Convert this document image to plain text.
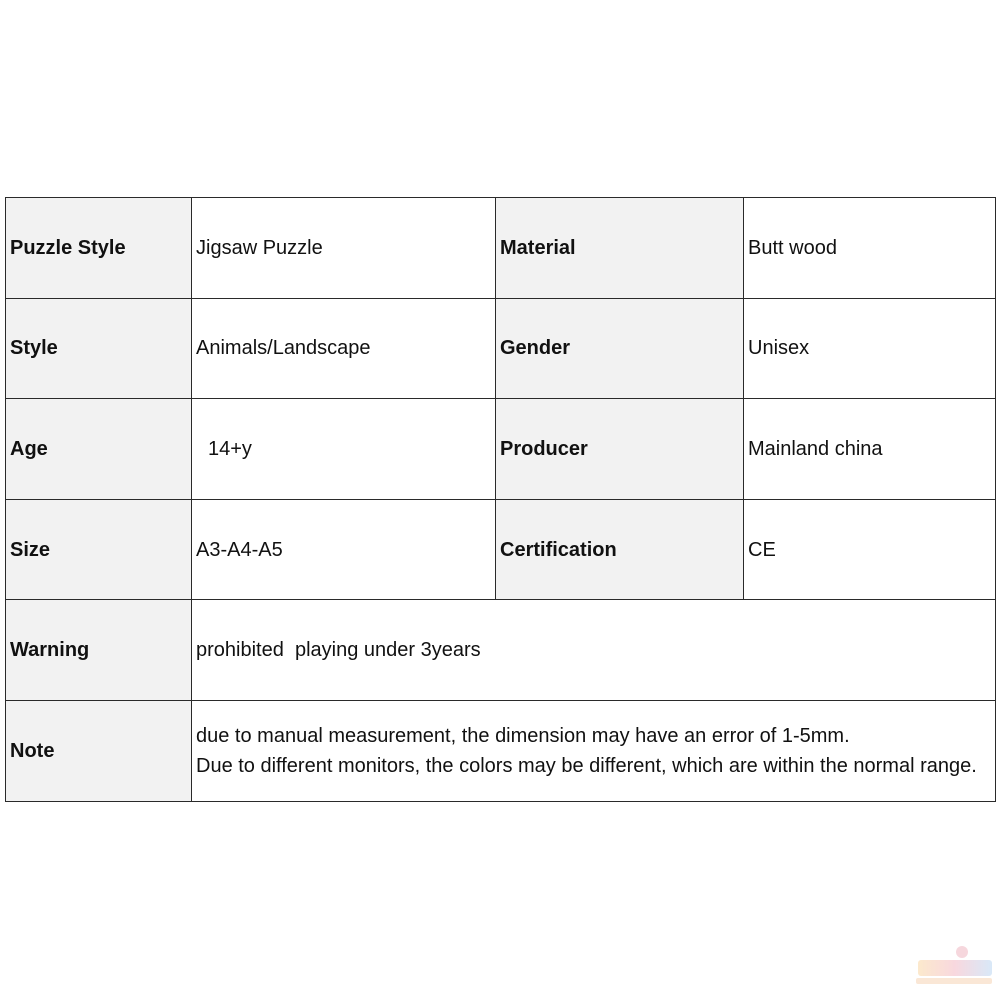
Puzzle Style	Jigsaw Puzzle	Material	Butt wood
Style	Animals/Landscape	Gender	Unisex
Age	14+y	Producer	Mainland china
Size	A3-A4-A5	Certification	CE
Warning	prohibited  playing under 3years		
Note	due to manual measurement, the dimension may have an error of 1-5mm.
Due to different monitors, the colors may be different, which are within the normal range.		
